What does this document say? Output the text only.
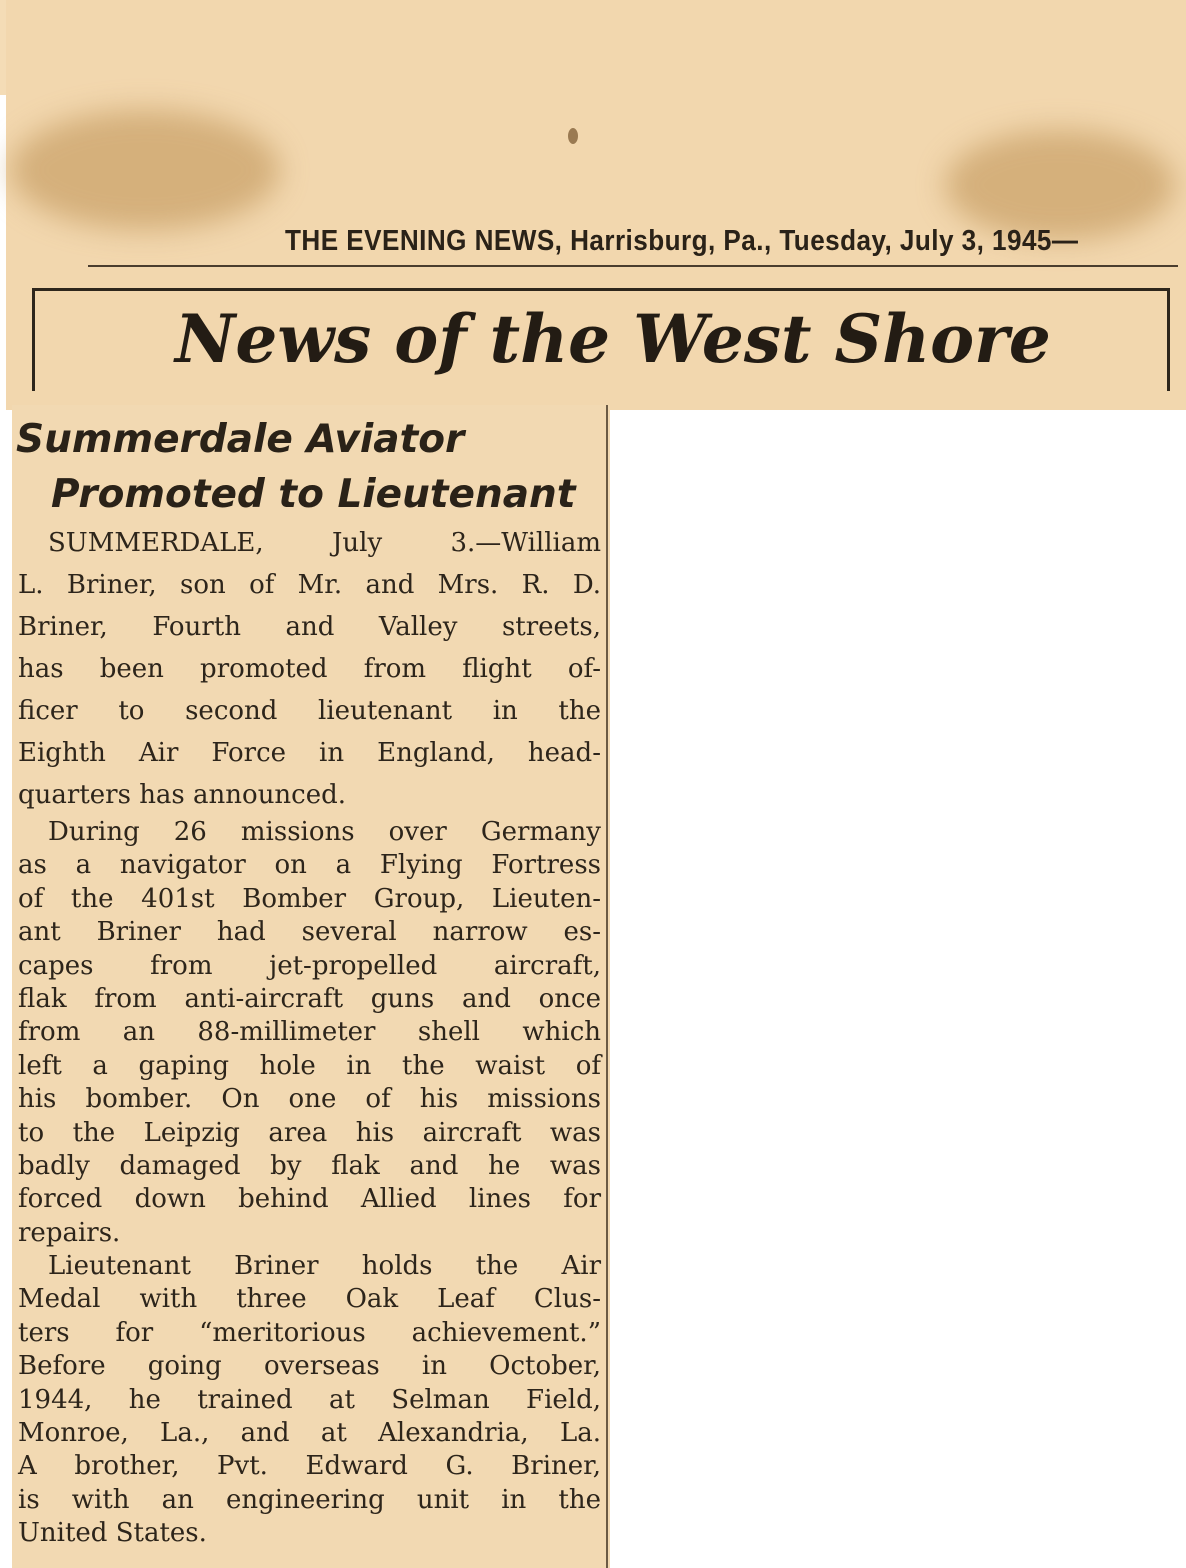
THE EVENING NEWS, Harrisburg, Pa., Tuesday, July 3, 1945—
News of the West Shore
Summerdale Aviator
Promoted to Lieutenant
SUMMERDALE, July 3.—William
L. Briner, son of Mr. and Mrs. R. D.
Briner, Fourth and Valley streets,
has been promoted from flight of-
ficer to second lieutenant in the
Eighth Air Force in England, head-
quarters has announced.
During 26 missions over Germany
as a navigator on a Flying Fortress
of the 401st Bomber Group, Lieuten-
ant Briner had several narrow es-
capes from jet-propelled aircraft,
flak from anti-aircraft guns and once
from an 88-millimeter shell which
left a gaping hole in the waist of
his bomber. On one of his missions
to the Leipzig area his aircraft was
badly damaged by flak and he was
forced down behind Allied lines for
repairs.
Lieutenant Briner holds the Air
Medal with three Oak Leaf Clus-
ters for “meritorious achievement.”
Before going overseas in October,
1944, he trained at Selman Field,
Monroe, La., and at Alexandria, La.
A brother, Pvt. Edward G. Briner,
is with an engineering unit in the
United States.
